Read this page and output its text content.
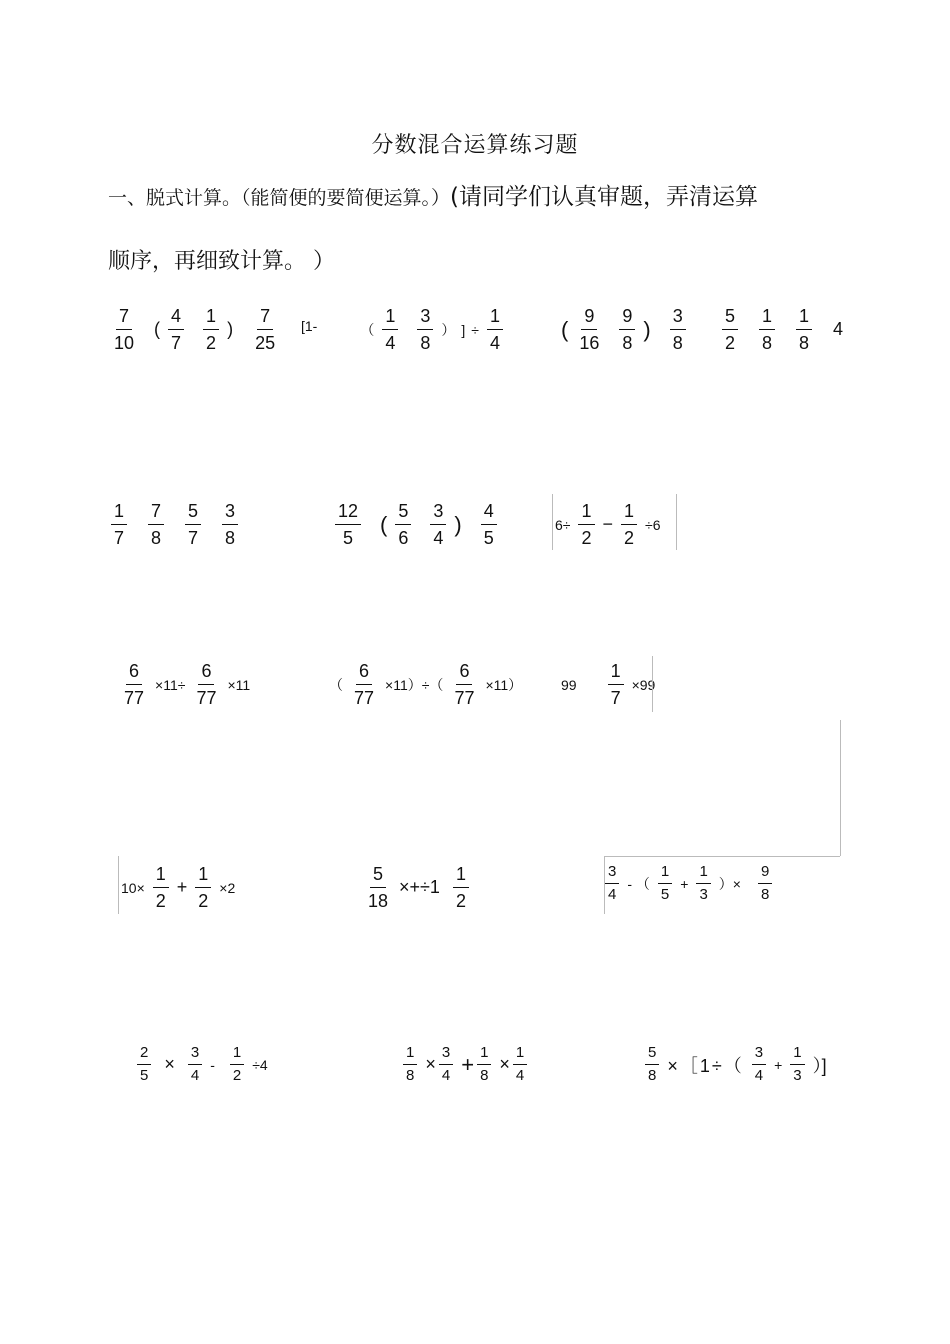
分数混合运算练习题
一、脱式计算。（能简便的要简便运算。）(请同学们认真审题，弄清运算
顺序，再细致计算。 ）
$\frac{7}{10}$ ( $\frac{4}{7} \frac{1}{2}$ ) $\frac{7}{25} [1-$	（ $\frac{1}{4} \frac{3}{8}$ ） ] ÷ $\frac{1}{4}$	( $\frac{9}{16} \frac{9}{8}$ ) $\frac{3}{8} \frac{5}{2} \frac{1}{8} \frac{1}{8} 4$
$\frac{1}{7} \frac{7}{8} \frac{5}{7} \frac{3}{8}$	$\frac{12}{5}$ ( $\frac{5}{6} \frac{3}{4}$ ) $\frac{4}{5}$	$6\div \frac{1}{2} - \frac{1}{2} \div 6$
$\frac{6}{77} \times 11\div \frac{6}{77} \times 11$	（ $\frac{6}{77} \times 11)\div( \frac{6}{77} \times 11)$	$99 \frac{1}{7} \times 99$
$10\times \frac{1}{2} + \frac{1}{2} \times 2$	$\frac{5}{18} \times+\div 1 \frac{1}{2}$	$\frac{3}{4}$ - （ $\frac{1}{5} + \frac{1}{3}$ ）× $\frac{9}{8}$
$\frac{2}{5} \times \frac{3}{4} - \frac{1}{2} \div 4$	$\frac{1}{8} \times \frac{3}{4} + \frac{1}{8} \times \frac{1}{4}$	$\frac{5}{8}$ ×［1÷（ $\frac{3}{4} + \frac{1}{3}$ ）]
